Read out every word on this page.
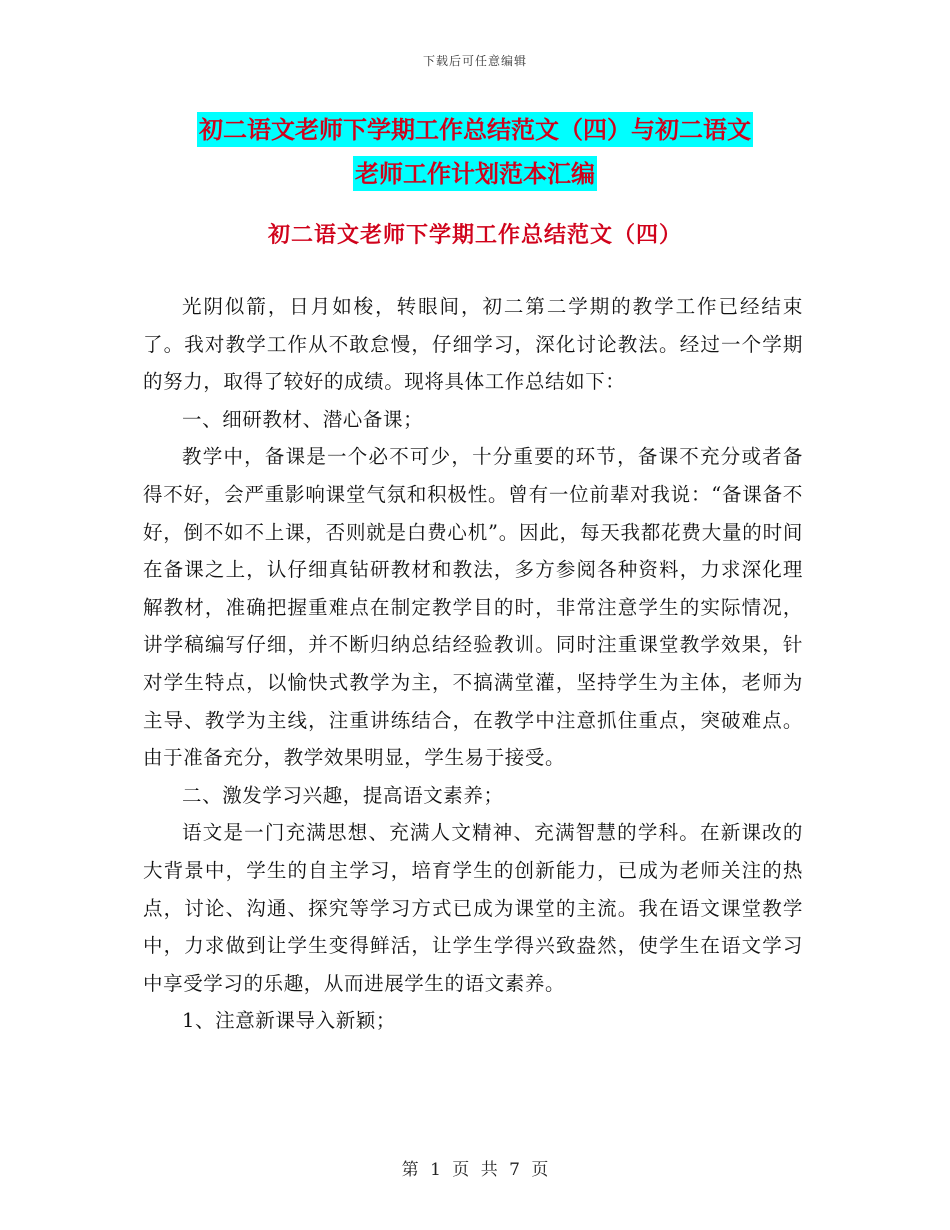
下载后可任意编辑
初二语文老师下学期工作总结范文（四）与初二语文
老师工作计划范本汇编
初二语文老师下学期工作总结范文（四）

光阴似箭，日月如梭，转眼间，初二第二学期的教学工作已经结束了。我对教学工作从不敢怠慢，仔细学习，深化讨论教法。经过一个学期的努力，取得了较好的成绩。现将具体工作总结如下：

一、细研教材、潜心备课；

教学中，备课是一个必不可少，十分重要的环节，备课不充分或者备得不好，会严重影响课堂气氛和积极性。曾有一位前辈对我说：“备课备不好，倒不如不上课，否则就是白费心机”。因此，每天我都花费大量的时间在备课之上，认仔细真钻研教材和教法，多方参阅各种资料，力求深化理解教材，准确把握重难点在制定教学目的时，非常注意学生的实际情况，讲学稿编写仔细，并不断归纳总结经验教训。同时注重课堂教学效果，针对学生特点，以愉快式教学为主，不搞满堂灌，坚持学生为主体，老师为主导、教学为主线，注重讲练结合，在教学中注意抓住重点，突破难点。由于准备充分，教学效果明显，学生易于接受。

二、激发学习兴趣，提高语文素养；

语文是一门充满思想、充满人文精神、充满智慧的学科。在新课改的大背景中，学生的自主学习，培育学生的创新能力，已成为老师关注的热点，讨论、沟通、探究等学习方式已成为课堂的主流。我在语文课堂教学中，力求做到让学生变得鲜活，让学生学得兴致盎然，使学生在语文学习中享受学习的乐趣，从而进展学生的语文素养。

1、注意新课导入新颖；

第 1 页 共 7 页
